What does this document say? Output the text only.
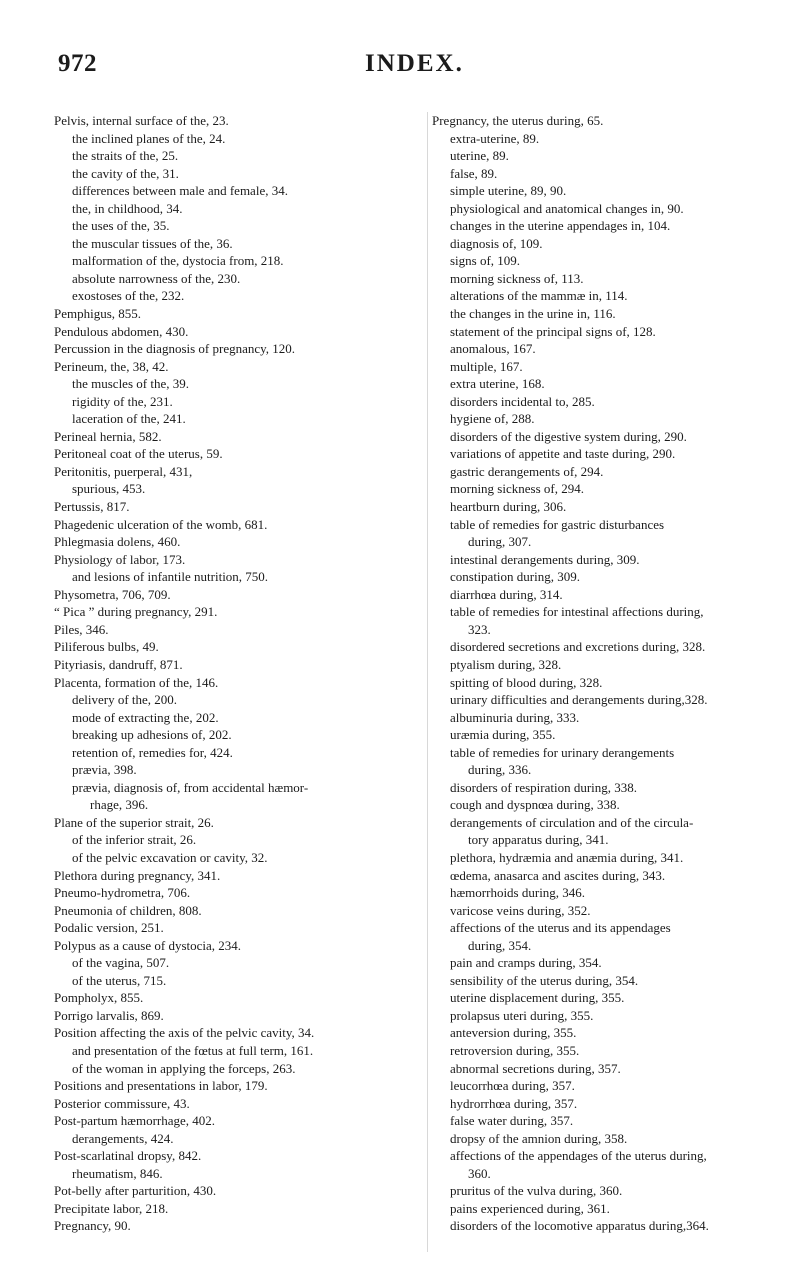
972	INDEX.
Pelvis, internal surface of the, 23.
the inclined planes of the, 24.
the straits of the, 25.
the cavity of the, 31.
differences between male and female, 34.
the, in childhood, 34.
the uses of the, 35.
the muscular tissues of the, 36.
malformation of the, dystocia from, 218.
absolute narrowness of the, 230.
exostoses of the, 232.
Pemphigus, 855.
Pendulous abdomen, 430.
Percussion in the diagnosis of pregnancy, 120.
Perineum, the, 38, 42.
the muscles of the, 39.
rigidity of the, 231.
laceration of the, 241.
Perineal hernia, 582.
Peritoneal coat of the uterus, 59.
Peritonitis, puerperal, 431,
spurious, 453.
Pertussis, 817.
Phagedenic ulceration of the womb, 681.
Phlegmasia dolens, 460.
Physiology of labor, 173.
and lesions of infantile nutrition, 750.
Physometra, 706, 709.
“ Pica ” during pregnancy, 291.
Piles, 346.
Piliferous bulbs, 49.
Pityriasis, dandruff, 871.
Placenta, formation of the, 146.
delivery of the, 200.
mode of extracting the, 202.
breaking up adhesions of, 202.
retention of, remedies for, 424.
prævia, 398.
prævia, diagnosis of, from accidental hæmor-
rhage, 396.
Plane of the superior strait, 26.
of the inferior strait, 26.
of the pelvic excavation or cavity, 32.
Plethora during pregnancy, 341.
Pneumo-hydrometra, 706.
Pneumonia of children, 808.
Podalic version, 251.
Polypus as a cause of dystocia, 234.
of the vagina, 507.
of the uterus, 715.
Pompholyx, 855.
Porrigo larvalis, 869.
Position affecting the axis of the pelvic cavity, 34.
and presentation of the fœtus at full term, 161.
of the woman in applying the forceps, 263.
Positions and presentations in labor, 179.
Posterior commissure, 43.
Post-partum hæmorrhage, 402.
derangements, 424.
Post-scarlatinal dropsy, 842.
rheumatism, 846.
Pot-belly after parturition, 430.
Precipitate labor, 218.
Pregnancy, 90.
Pregnancy, the uterus during, 65.
extra-uterine, 89.
uterine, 89.
false, 89.
simple uterine, 89, 90.
physiological and anatomical changes in, 90.
changes in the uterine appendages in, 104.
diagnosis of, 109.
signs of, 109.
morning sickness of, 113.
alterations of the mammæ in, 114.
the changes in the urine in, 116.
statement of the principal signs of, 128.
anomalous, 167.
multiple, 167.
extra uterine, 168.
disorders incidental to, 285.
hygiene of, 288.
disorders of the digestive system during, 290.
variations of appetite and taste during, 290.
gastric derangements of, 294.
morning sickness of, 294.
heartburn during, 306.
table of remedies for gastric disturbances
during, 307.
intestinal derangements during, 309.
constipation during, 309.
diarrhœa during, 314.
table of remedies for intestinal affections during,
323.
disordered secretions and excretions during, 328.
ptyalism during, 328.
spitting of blood during, 328.
urinary difficulties and derangements during,328.
albuminuria during, 333.
uræmia during, 355.
table of remedies for urinary derangements
during, 336.
disorders of respiration during, 338.
cough and dyspnœa during, 338.
derangements of circulation and of the circula-
tory apparatus during, 341.
plethora, hydræmia and anæmia during, 341.
œdema, anasarca and ascites during, 343.
hæmorrhoids during, 346.
varicose veins during, 352.
affections of the uterus and its appendages
during, 354.
pain and cramps during, 354.
sensibility of the uterus during, 354.
uterine displacement during, 355.
prolapsus uteri during, 355.
anteversion during, 355.
retroversion during, 355.
abnormal secretions during, 357.
leucorrhœa during, 357.
hydrorrhœa during, 357.
false water during, 357.
dropsy of the amnion during, 358.
affections of the appendages of the uterus during,
360.
pruritus of the vulva during, 360.
pains experienced during, 361.
disorders of the locomotive apparatus during,364.
